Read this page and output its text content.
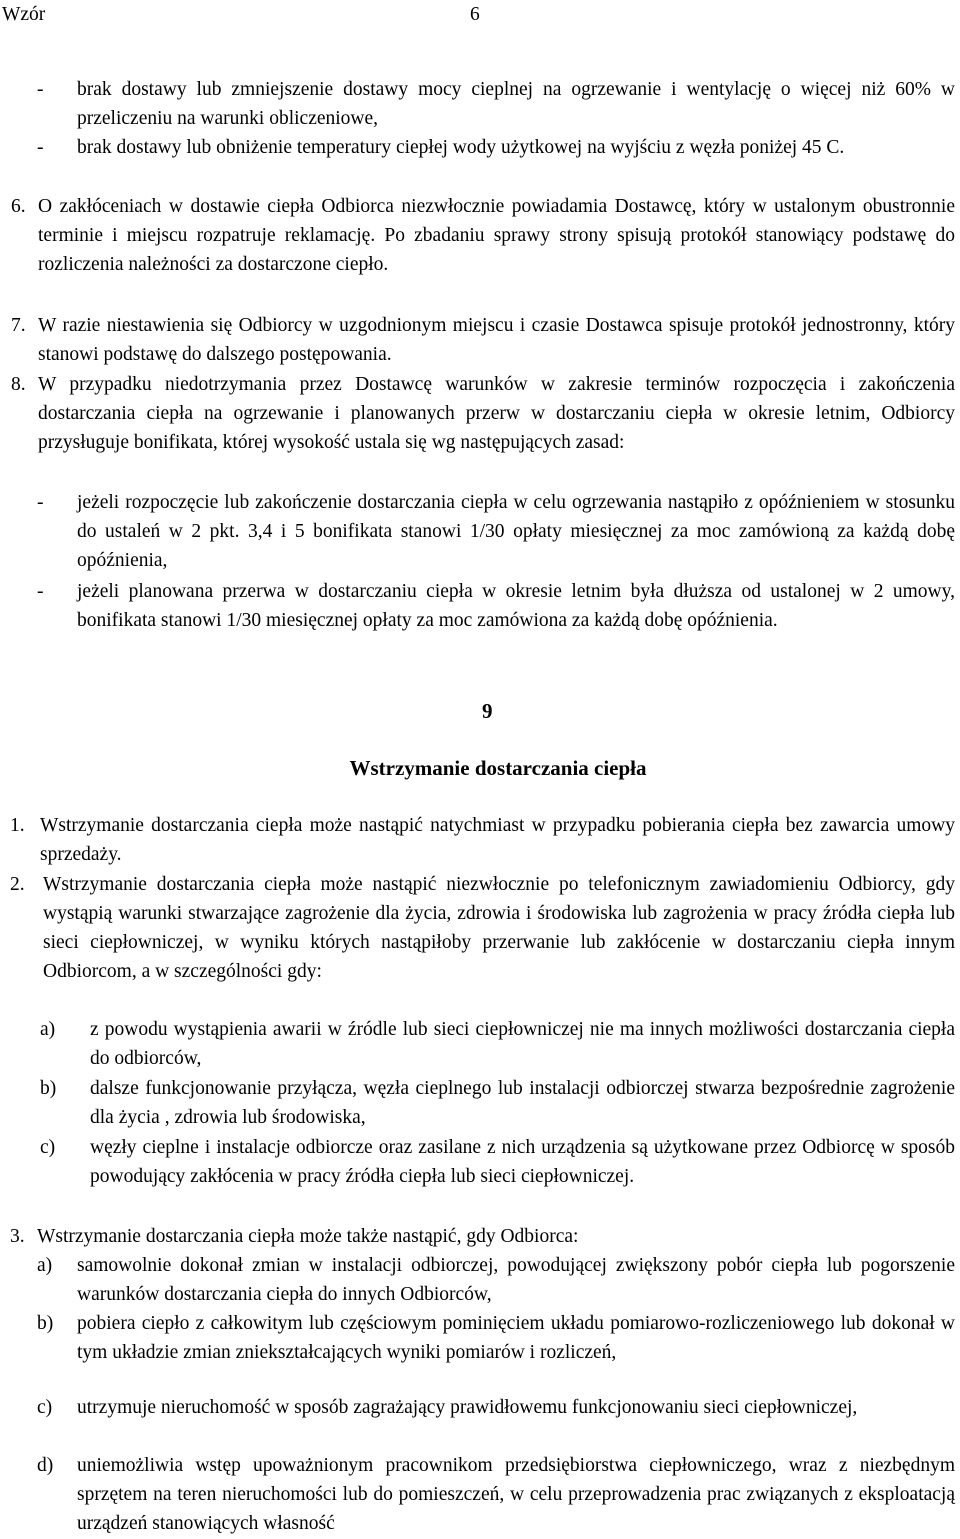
Wzór	6
- brak dostawy lub zmniejszenie dostawy mocy cieplnej na ogrzewanie i wentylację o więcej niż 60% w przeliczeniu na warunki obliczeniowe,

- brak dostawy lub obniżenie temperatury ciepłej wody użytkowej na wyjściu z węzła poniżej 45 C.

6. O zakłóceniach w dostawie ciepła Odbiorca niezwłocznie powiadamia Dostawcę, który w ustalonym obustronnie terminie i miejscu rozpatruje reklamację. Po zbadaniu sprawy strony spisują protokół stanowiący podstawę do rozliczenia należności za dostarczone ciepło.

7. W razie niestawienia się Odbiorcy w uzgodnionym miejscu i czasie Dostawca spisuje protokół jednostronny, który stanowi podstawę do dalszego postępowania.

8. W przypadku niedotrzymania przez Dostawcę warunków w zakresie terminów rozpoczęcia i zakończenia dostarczania ciepła na ogrzewanie i planowanych przerw w dostarczaniu ciepła w okresie letnim, Odbiorcy przysługuje bonifikata, której wysokość ustala się wg następujących zasad:

- jeżeli rozpoczęcie lub zakończenie dostarczania ciepła w celu ogrzewania nastąpiło z opóźnieniem w stosunku do ustaleń w 2 pkt. 3,4 i 5 bonifikata stanowi 1/30 opłaty miesięcznej za moc zamówioną za każdą dobę opóźnienia,

- jeżeli planowana przerwa w dostarczaniu ciepła w okresie letnim była dłuższa od ustalonej w 2 umowy, bonifikata stanowi 1/30 miesięcznej opłaty za moc zamówiona za każdą dobę opóźnienia.

9
Wstrzymanie dostarczania ciepła
1. Wstrzymanie dostarczania ciepła może nastąpić natychmiast w przypadku pobierania ciepła bez zawarcia umowy sprzedaży.

2. Wstrzymanie dostarczania ciepła może nastąpić niezwłocznie po telefonicznym zawiadomieniu Odbiorcy, gdy wystąpią warunki stwarzające zagrożenie dla życia, zdrowia i środowiska lub zagrożenia w pracy źródła ciepła lub sieci ciepłowniczej, w wyniku których nastąpiłoby przerwanie lub zakłócenie w dostarczaniu ciepła innym Odbiorcom, a w szczególności gdy:

a) z powodu wystąpienia awarii w źródle lub sieci ciepłowniczej nie ma innych możliwości dostarczania ciepła do odbiorców,

b) dalsze funkcjonowanie przyłącza, węzła cieplnego lub instalacji odbiorczej stwarza bezpośrednie zagrożenie dla życia , zdrowia lub środowiska,

c) węzły cieplne i instalacje odbiorcze oraz zasilane z nich urządzenia są użytkowane przez Odbiorcę w sposób powodujący zakłócenia w pracy źródła ciepła lub sieci ciepłowniczej.

3. Wstrzymanie dostarczania ciepła może także nastąpić, gdy Odbiorca:

a) samowolnie dokonał zmian w instalacji odbiorczej, powodującej zwiększony pobór ciepła lub pogorszenie warunków dostarczania ciepła do innych Odbiorców,

b) pobiera ciepło z całkowitym lub częściowym pominięciem układu pomiarowo-rozliczeniowego lub dokonał w tym układzie zmian zniekształcających wyniki pomiarów i rozliczeń,

c) utrzymuje nieruchomość w sposób zagrażający prawidłowemu funkcjonowaniu sieci ciepłowniczej,

d) uniemożliwia wstęp upoważnionym pracownikom przedsiębiorstwa ciepłowniczego, wraz z niezbędnym sprzętem na teren nieruchomości lub do pomieszczeń, w celu przeprowadzenia prac związanych z eksploatacją urządzeń stanowiących własność
